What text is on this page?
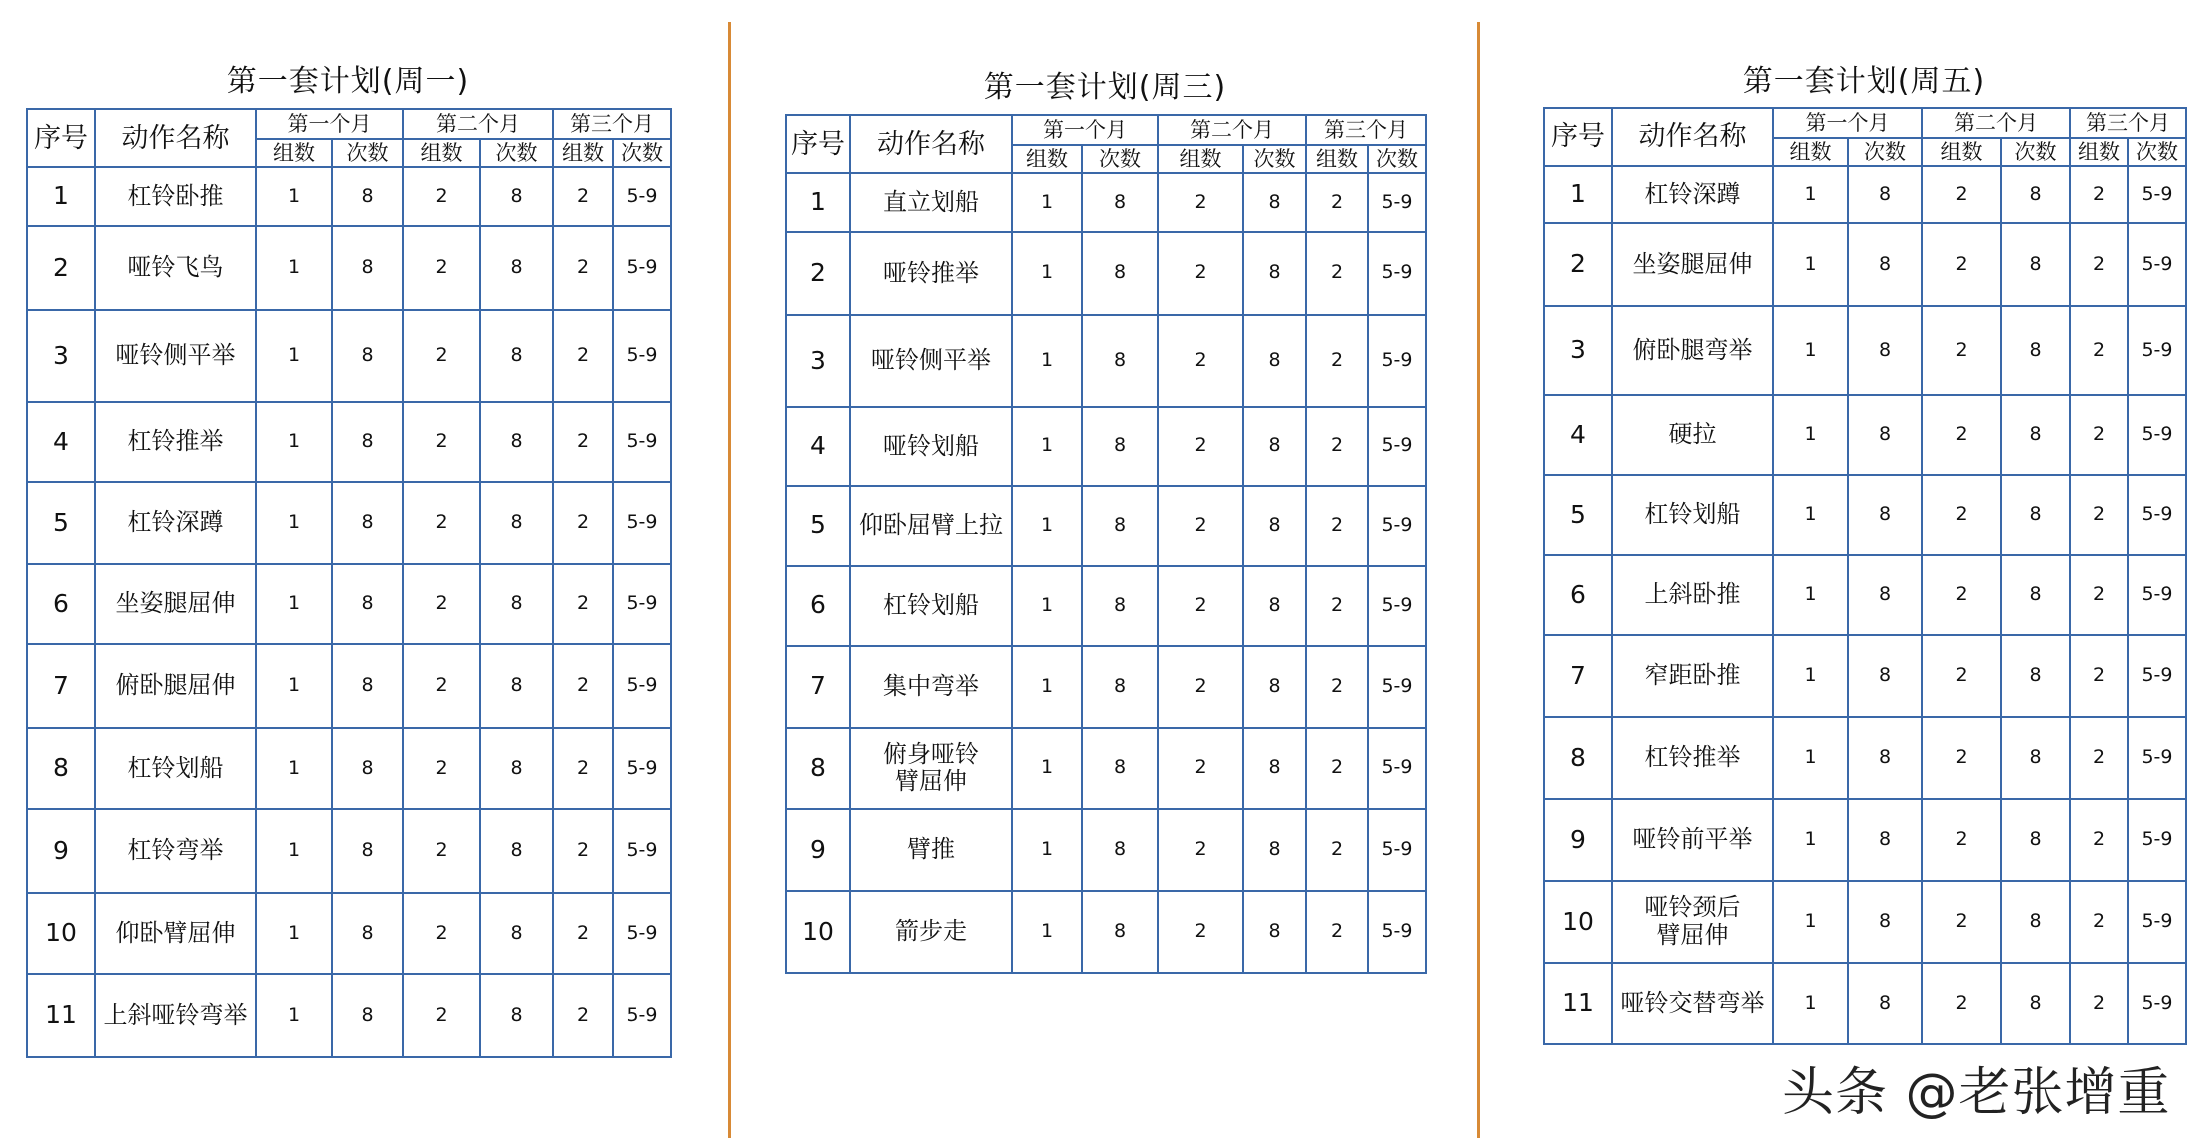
第一套计划(周一)
序号	动作名称	第一个月		第二个月		第三个月	
		组数	次数	组数	次数	组数	次数
1	杠铃卧推	1	8	2	8	2	5-9
2	哑铃飞鸟	1	8	2	8	2	5-9
3	哑铃侧平举	1	8	2	8	2	5-9
4	杠铃推举	1	8	2	8	2	5-9
5	杠铃深蹲	1	8	2	8	2	5-9
6	坐姿腿屈伸	1	8	2	8	2	5-9
7	俯卧腿屈伸	1	8	2	8	2	5-9
8	杠铃划船	1	8	2	8	2	5-9
9	杠铃弯举	1	8	2	8	2	5-9
10	仰卧臂屈伸	1	8	2	8	2	5-9
11	上斜哑铃弯举	1	8	2	8	2	5-9
第一套计划(周三)
序号	动作名称	第一个月		第二个月		第三个月	
		组数	次数	组数	次数	组数	次数
1	直立划船	1	8	2	8	2	5-9
2	哑铃推举	1	8	2	8	2	5-9
3	哑铃侧平举	1	8	2	8	2	5-9
4	哑铃划船	1	8	2	8	2	5-9
5	仰卧屈臂上拉	1	8	2	8	2	5-9
6	杠铃划船	1	8	2	8	2	5-9
7	集中弯举	1	8	2	8	2	5-9
8	俯身哑铃臂屈伸	1	8	2	8	2	5-9
9	臂推	1	8	2	8	2	5-9
10	箭步走	1	8	2	8	2	5-9
第一套计划(周五)
序号	动作名称	第一个月		第二个月		第三个月	
		组数	次数	组数	次数	组数	次数
1	杠铃深蹲	1	8	2	8	2	5-9
2	坐姿腿屈伸	1	8	2	8	2	5-9
3	俯卧腿弯举	1	8	2	8	2	5-9
4	硬拉	1	8	2	8	2	5-9
5	杠铃划船	1	8	2	8	2	5-9
6	上斜卧推	1	8	2	8	2	5-9
7	窄距卧推	1	8	2	8	2	5-9
8	杠铃推举	1	8	2	8	2	5-9
9	哑铃前平举	1	8	2	8	2	5-9
10	哑铃颈后臂屈伸	1	8	2	8	2	5-9
11	哑铃交替弯举	1	8	2	8	2	5-9
头条 @老张增重
